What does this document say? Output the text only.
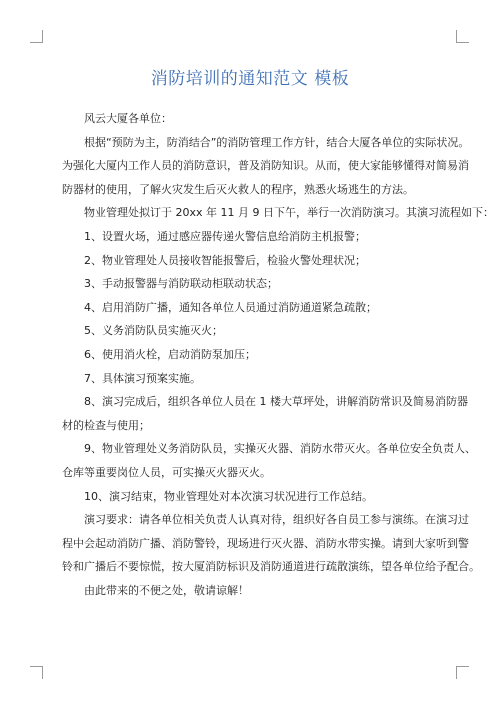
消防培训的通知范文 模板

风云大厦各单位：

根据“预防为主，防消结合”的消防管理工作方针，结合大厦各单位的实际状况。

为强化大厦内工作人员的消防意识，普及消防知识。从而，使大家能够懂得对简易消

防器材的使用，了解火灾发生后灭火救人的程序，熟悉火场逃生的方法。

物业管理处拟订于 20xx 年 11 月 9 日下午，举行一次消防演习。其演习流程如下：

1、设置火场，通过感应器传递火警信息给消防主机报警；

2、物业管理处人员接收智能报警后，检验火警处理状况；

3、手动报警器与消防联动柜联动状态；

4、启用消防广播，通知各单位人员通过消防通道紧急疏散；

5、义务消防队员实施灭火；

6、使用消火栓，启动消防泵加压；

7、具体演习预案实施。

8、演习完成后，组织各单位人员在 1 楼大草坪处，讲解消防常识及简易消防器

材的检查与使用；

9、物业管理处义务消防队员，实操灭火器、消防水带灭火。各单位安全负责人、

仓库等重要岗位人员，可实操灭火器灭火。

10、演习结束，物业管理处对本次演习状况进行工作总结。

演习要求：请各单位相关负责人认真对待，组织好各自员工参与演练。在演习过

程中会起动消防广播、消防警铃，现场进行灭火器、消防水带实操。请到大家听到警

铃和广播后不要惊慌，按大厦消防标识及消防通道进行疏散演练，望各单位给予配合。

由此带来的不便之处，敬请谅解！
